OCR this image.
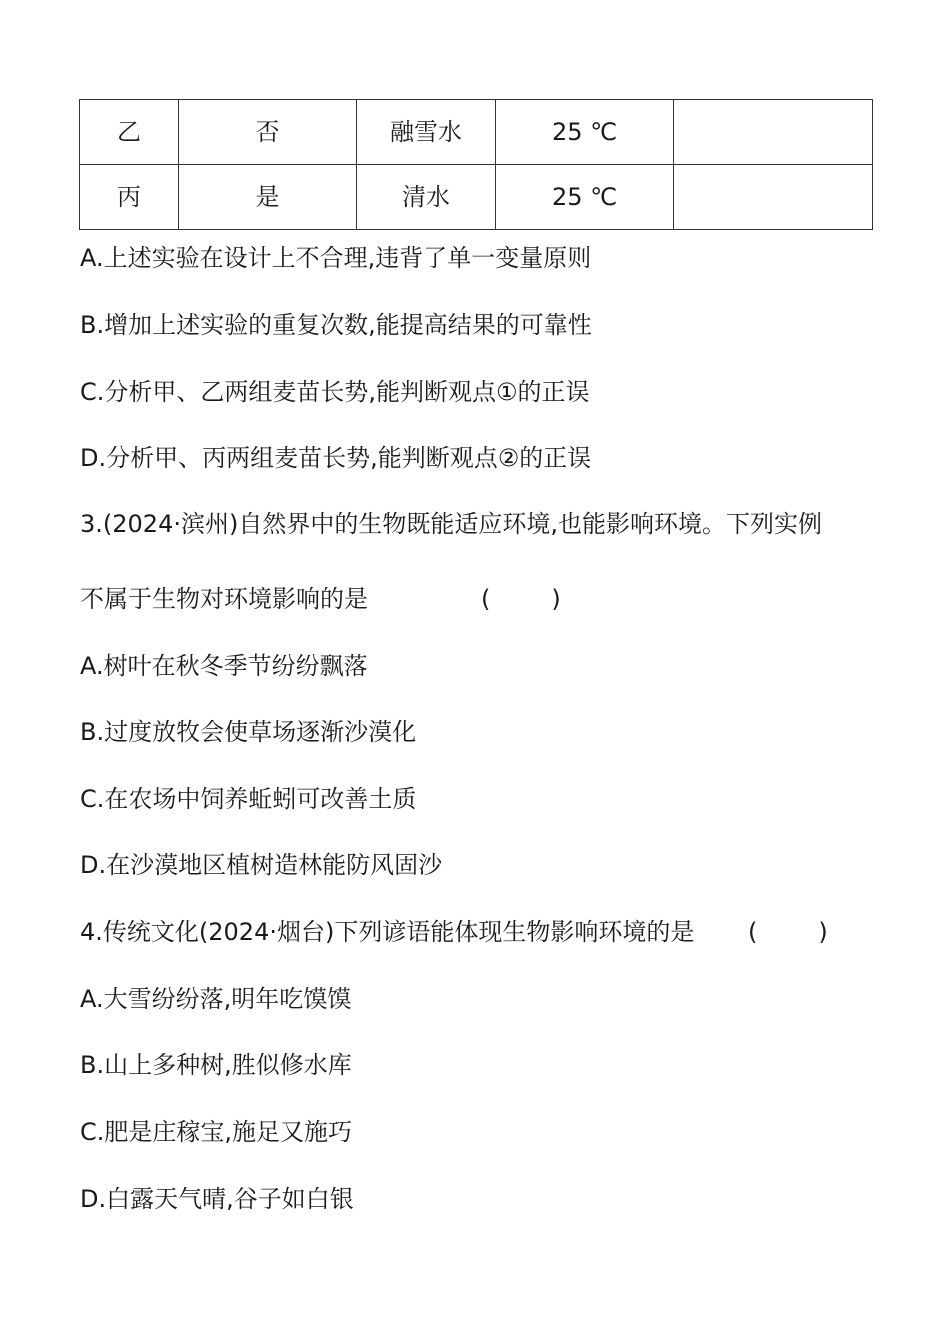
乙	否	融雪水	25 ℃	
丙	是	清水	25 ℃	
A.上述实验在设计上不合理,违背了单一变量原则
B.增加上述实验的重复次数,能提高结果的可靠性
C.分析甲、乙两组麦苗长势,能判断观点①的正误
D.分析甲、丙两组麦苗长势,能判断观点②的正误
3.(2024·滨州)自然界中的生物既能适应环境,也能影响环境。下列实例
不属于生物对环境影响的是	(        )
A.树叶在秋冬季节纷纷飘落
B.过度放牧会使草场逐渐沙漠化
C.在农场中饲养蚯蚓可改善土质
D.在沙漠地区植树造林能防风固沙
4.传统文化(2024·烟台)下列谚语能体现生物影响环境的是 (        )
A.大雪纷纷落,明年吃馍馍
B.山上多种树,胜似修水库
C.肥是庄稼宝,施足又施巧
D.白露天气晴,谷子如白银
